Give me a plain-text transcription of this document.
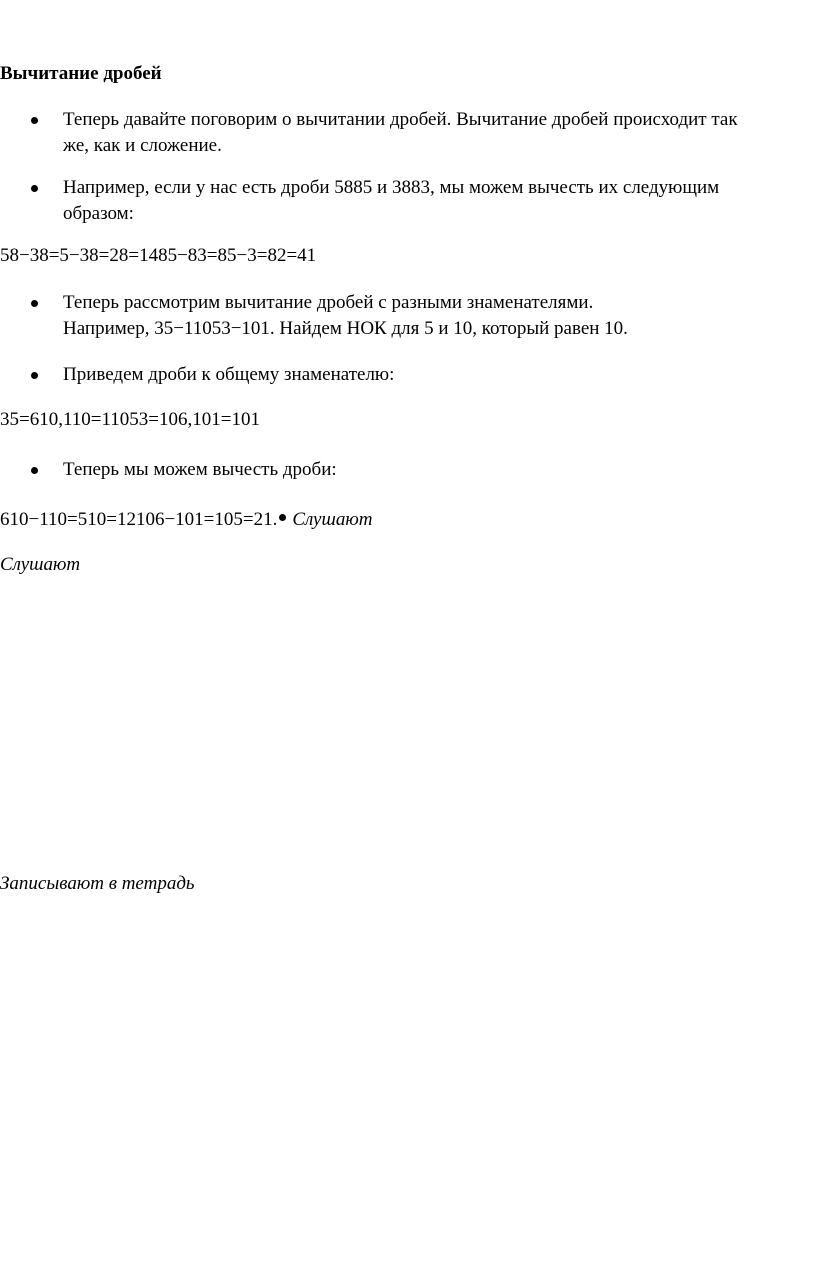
Вычитание дробей
Теперь давайте поговорим о вычитании дробей. Вычитание дробей происходит так
же, как и сложение.
Например, если у нас есть дроби 5885 и 3883, мы можем вычесть их следующим
образом:
58−38=5−38=28=1485−83=85−3=82=41
Теперь рассмотрим вычитание дробей с разными знаменателями.
Например, 35−11053−101. Найдем НОК для 5 и 10, который равен 10.
Приведем дроби к общему знаменателю:
35=610,110=11053=106,101=101
Теперь мы можем вычесть дроби:
610−110=510=12106−101=105=21. Слушают
Слушают
Записывают в тетрадь
